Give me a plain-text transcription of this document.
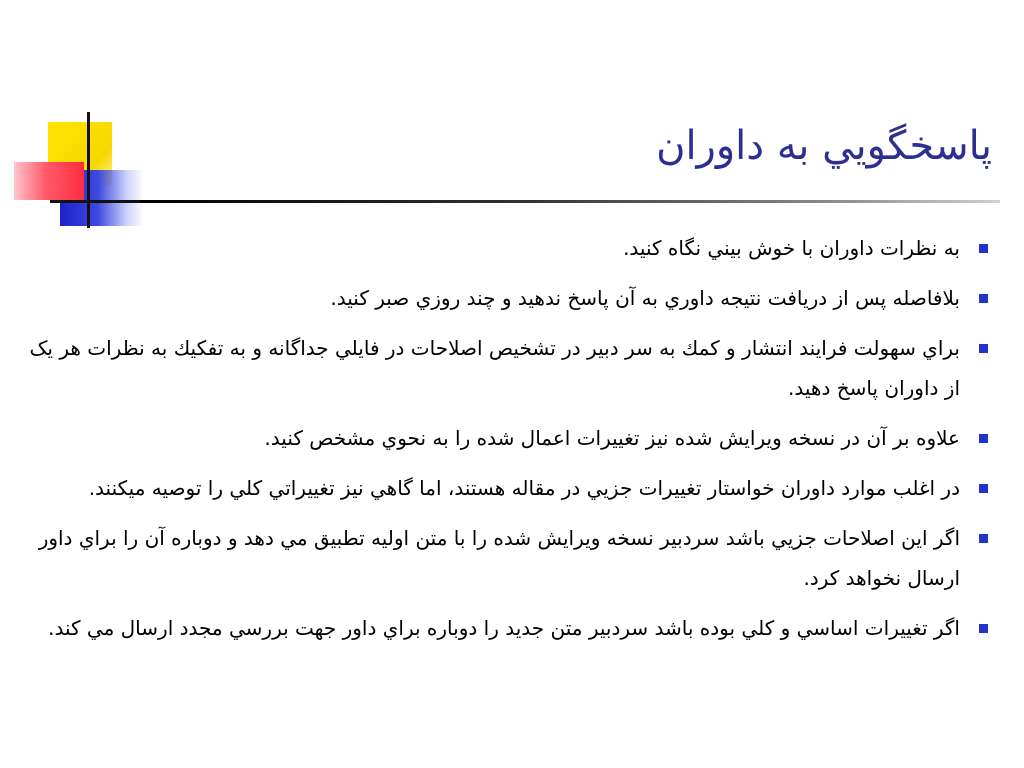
پاسخگويي به داوران
به نظرات داوران با خوش بيني نگاه کنيد.
بلافاصله پس از دريافت نتيجه داوري به آن پاسخ ندهيد و چند روزي صبر کنيد.
براي سهولت فرايند انتشار و کمك به سر دبير در تشخيص اصلاحات در فايلي جداگانه و به تفکيك به نظرات هر یک از داوران پاسخ دهيد.
علاوه بر آن در نسخه ويرايش شده نيز تغييرات اعمال شده را به نحوي مشخص کنيد.
در اغلب موارد داوران خواستار تغييرات جزيي در مقاله هستند، اما گاهي نيز تغييراتي کلي را توصيه ميکنند.
اگر اين اصلاحات جزيي باشد سردبير نسخه ويرايش شده را با متن اوليه تطبيق مي دهد و دوباره آن را براي داور ارسال نخواهد کرد.
اگر تغييرات اساسي و کلي بوده باشد سردبير متن جديد را دوباره براي داور جهت بررسي مجدد ارسال مي کند.
